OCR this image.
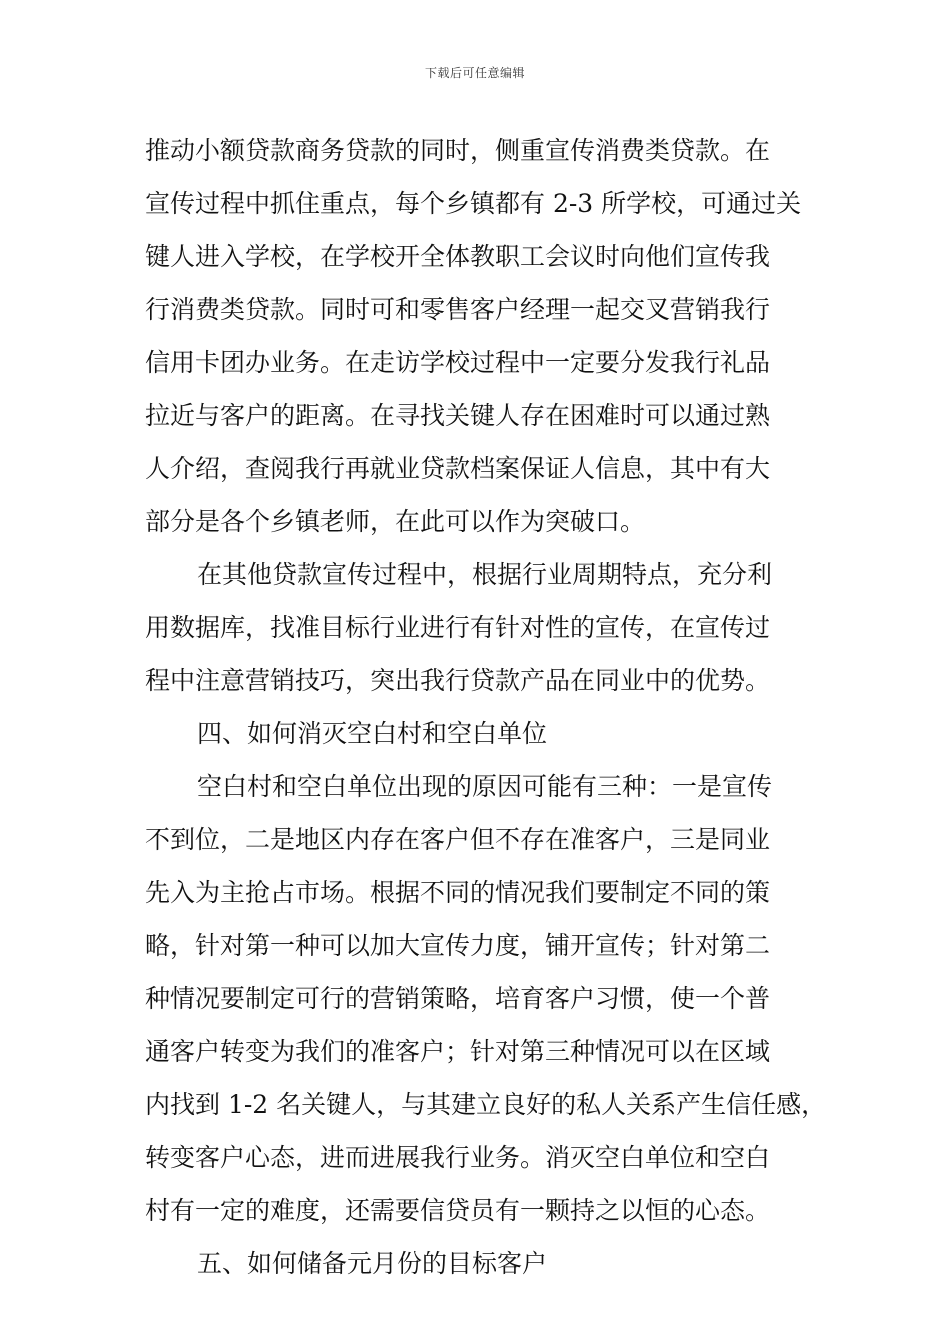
下载后可任意编辑
推动小额贷款商务贷款的同时，侧重宣传消费类贷款。在
宣传过程中抓住重点，每个乡镇都有 2-3 所学校，可通过关
键人进入学校，在学校开全体教职工会议时向他们宣传我
行消费类贷款。同时可和零售客户经理一起交叉营销我行
信用卡团办业务。在走访学校过程中一定要分发我行礼品
拉近与客户的距离。在寻找关键人存在困难时可以通过熟
人介绍，查阅我行再就业贷款档案保证人信息，其中有大
部分是各个乡镇老师，在此可以作为突破口。
在其他贷款宣传过程中，根据行业周期特点，充分利
用数据库，找准目标行业进行有针对性的宣传，在宣传过
程中注意营销技巧，突出我行贷款产品在同业中的优势。
四、如何消灭空白村和空白单位
空白村和空白单位出现的原因可能有三种：一是宣传
不到位，二是地区内存在客户但不存在准客户，三是同业
先入为主抢占市场。根据不同的情况我们要制定不同的策
略，针对第一种可以加大宣传力度，铺开宣传；针对第二
种情况要制定可行的营销策略，培育客户习惯，使一个普
通客户转变为我们的准客户；针对第三种情况可以在区域
内找到 1-2 名关键人，与其建立良好的私人关系产生信任感，
转变客户心态，进而进展我行业务。消灭空白单位和空白
村有一定的难度，还需要信贷员有一颗持之以恒的心态。
五、如何储备元月份的目标客户
